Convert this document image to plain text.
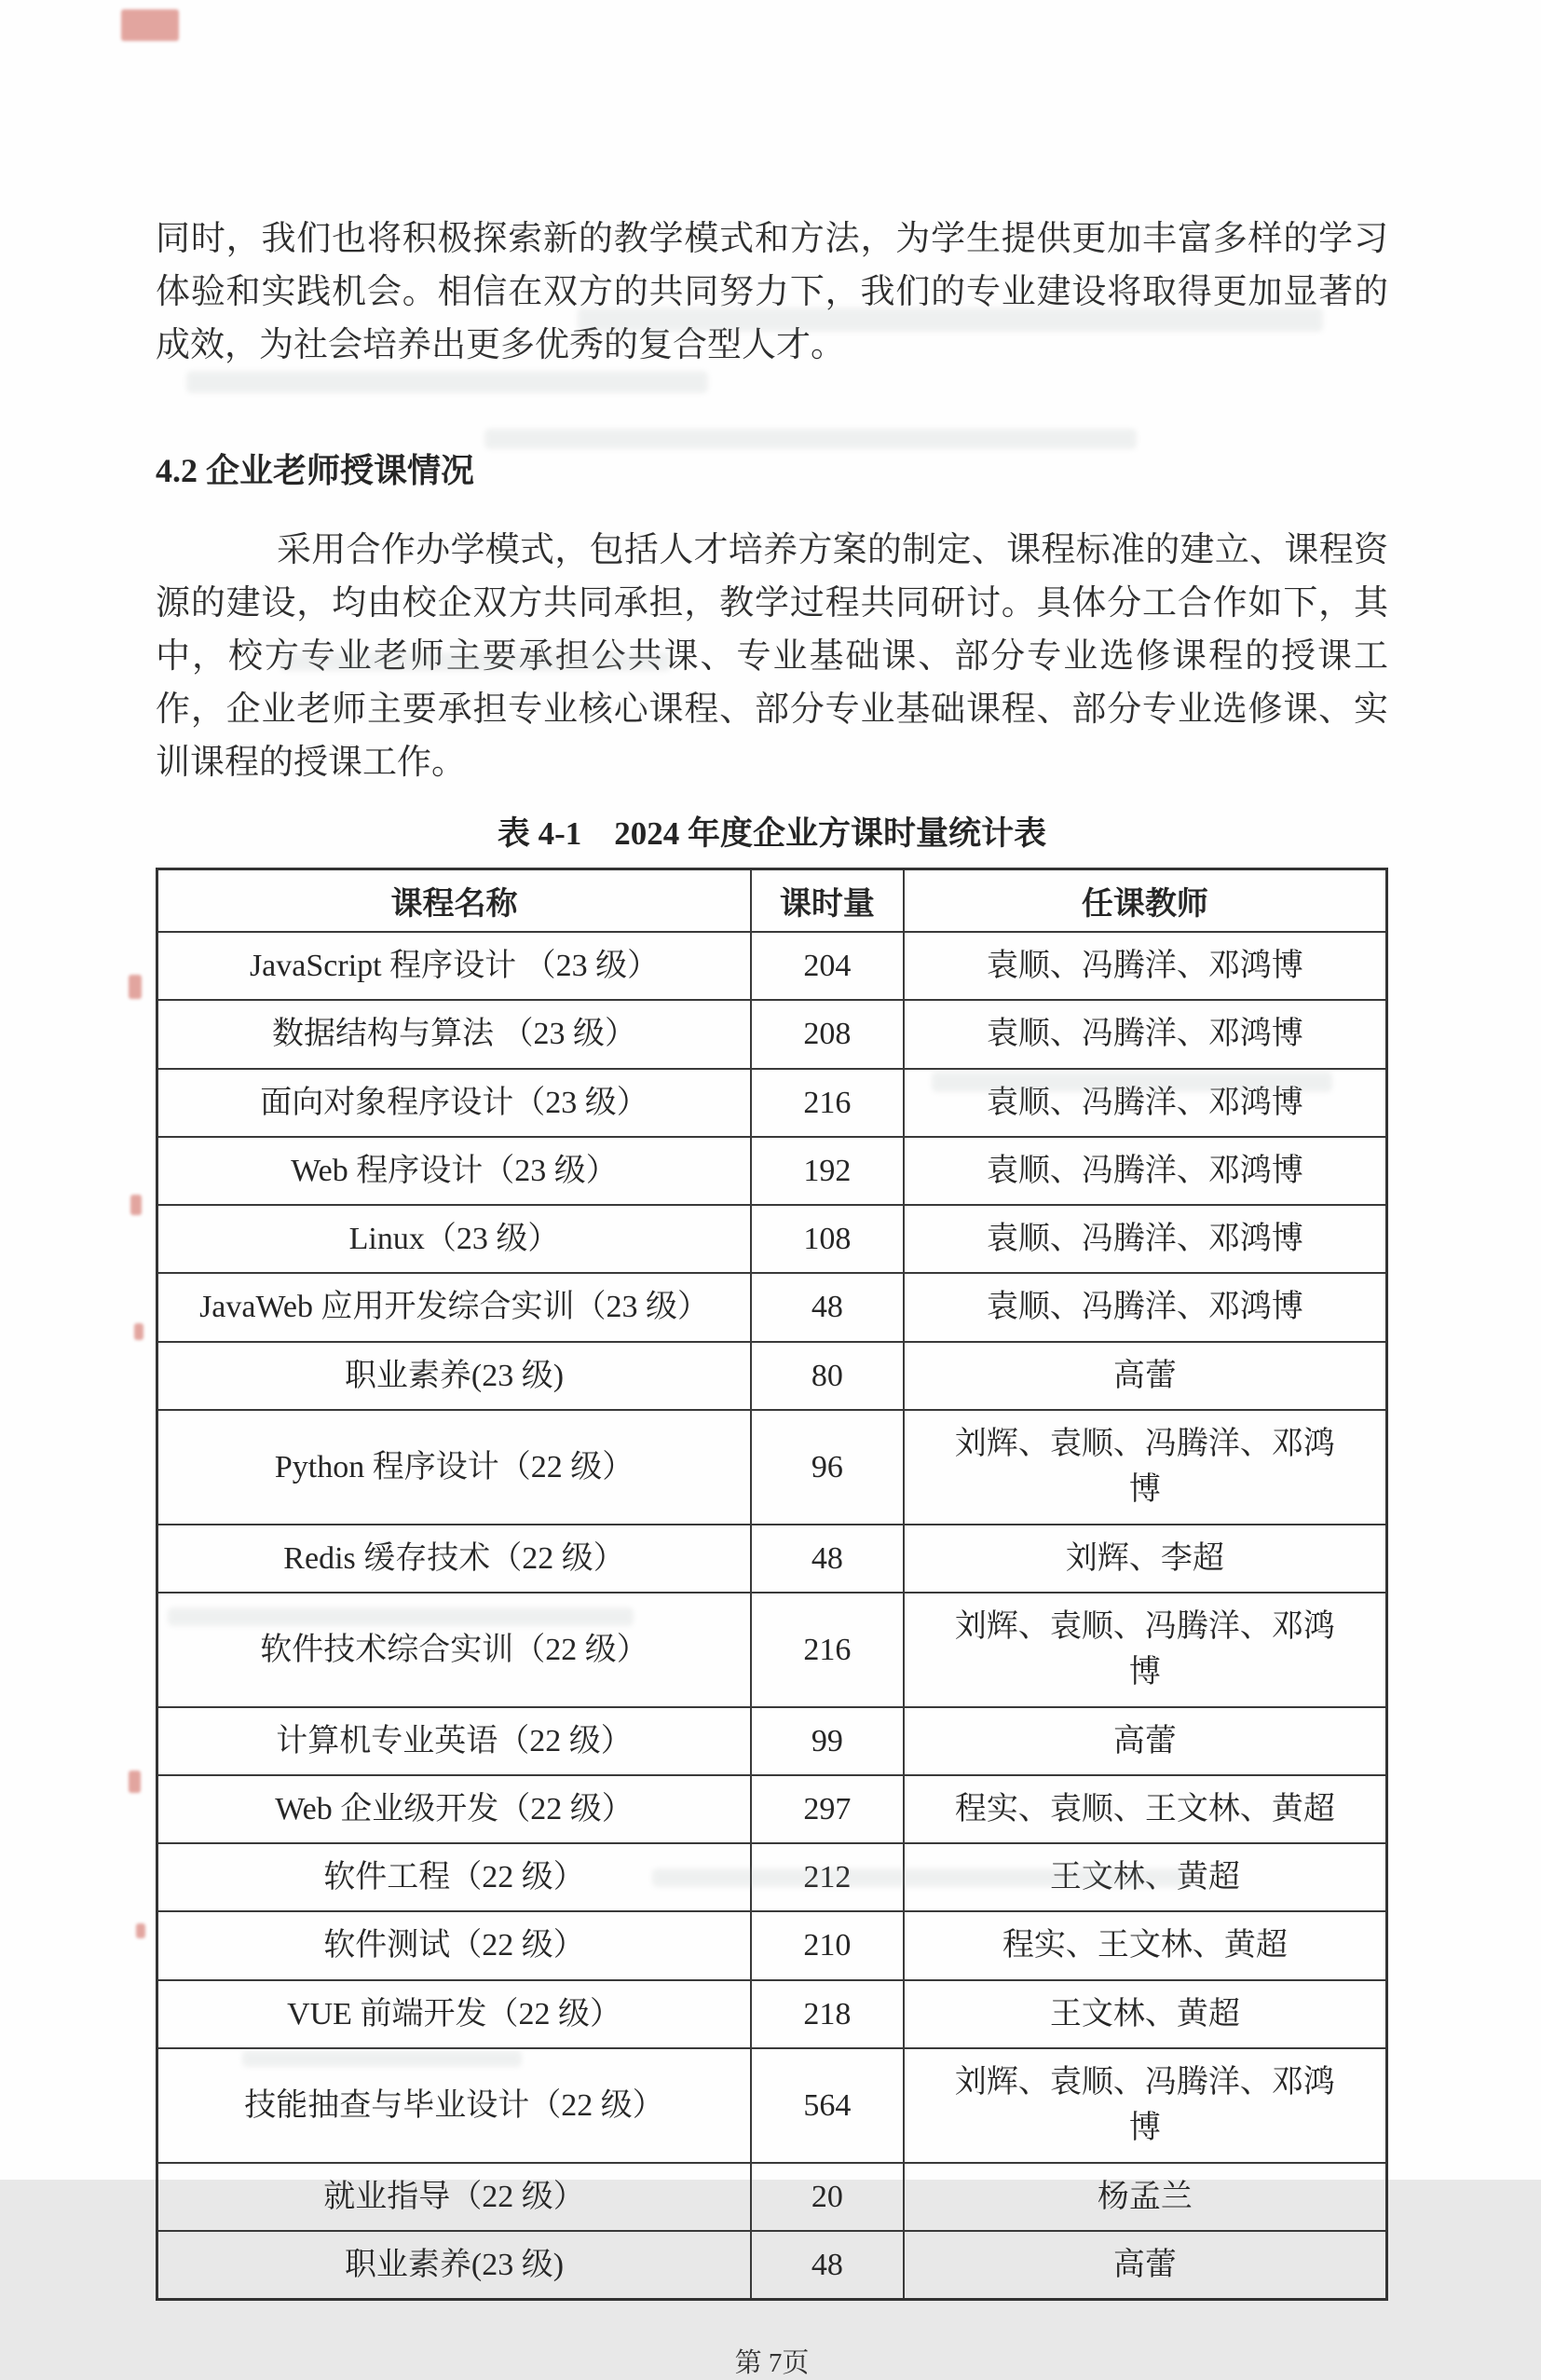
同时，我们也将积极探索新的教学模式和方法，为学生提供更加丰富多样的学习体验和实践机会。相信在双方的共同努力下，我们的专业建设将取得更加显著的成效，为社会培养出更多优秀的复合型人才。

4.2 企业老师授课情况

采用合作办学模式，包括人才培养方案的制定、课程标准的建立、课程资源的建设，均由校企双方共同承担，教学过程共同研讨。具体分工合作如下，其中，校方专业老师主要承担公共课、专业基础课、部分专业选修课程的授课工作，企业老师主要承担专业核心课程、部分专业基础课程、部分专业选修课、实训课程的授课工作。

表 4-1　2024 年度企业方课时量统计表
课程名称	课时量	任课教师
JavaScript 程序设计 （23 级）	204	袁顺、冯腾洋、邓鸿博
数据结构与算法 （23 级）	208	袁顺、冯腾洋、邓鸿博
面向对象程序设计（23 级）	216	袁顺、冯腾洋、邓鸿博
Web 程序设计（23 级）	192	袁顺、冯腾洋、邓鸿博
Linux（23 级）	108	袁顺、冯腾洋、邓鸿博
JavaWeb 应用开发综合实训（23 级）	48	袁顺、冯腾洋、邓鸿博
职业素养(23 级)	80	高蕾
Python 程序设计（22 级）	96	刘辉、袁顺、冯腾洋、邓鸿博
Redis 缓存技术（22 级）	48	刘辉、李超
软件技术综合实训（22 级）	216	刘辉、袁顺、冯腾洋、邓鸿博
计算机专业英语（22 级）	99	高蕾
Web 企业级开发（22 级）	297	程实、袁顺、王文林、黄超
软件工程（22 级）	212	王文林、黄超
软件测试（22 级）	210	程实、王文林、黄超
VUE 前端开发（22 级）	218	王文林、黄超
技能抽查与毕业设计（22 级）	564	刘辉、袁顺、冯腾洋、邓鸿博
就业指导（22 级）	20	杨孟兰
职业素养(23 级)	48	高蕾
第 7页
